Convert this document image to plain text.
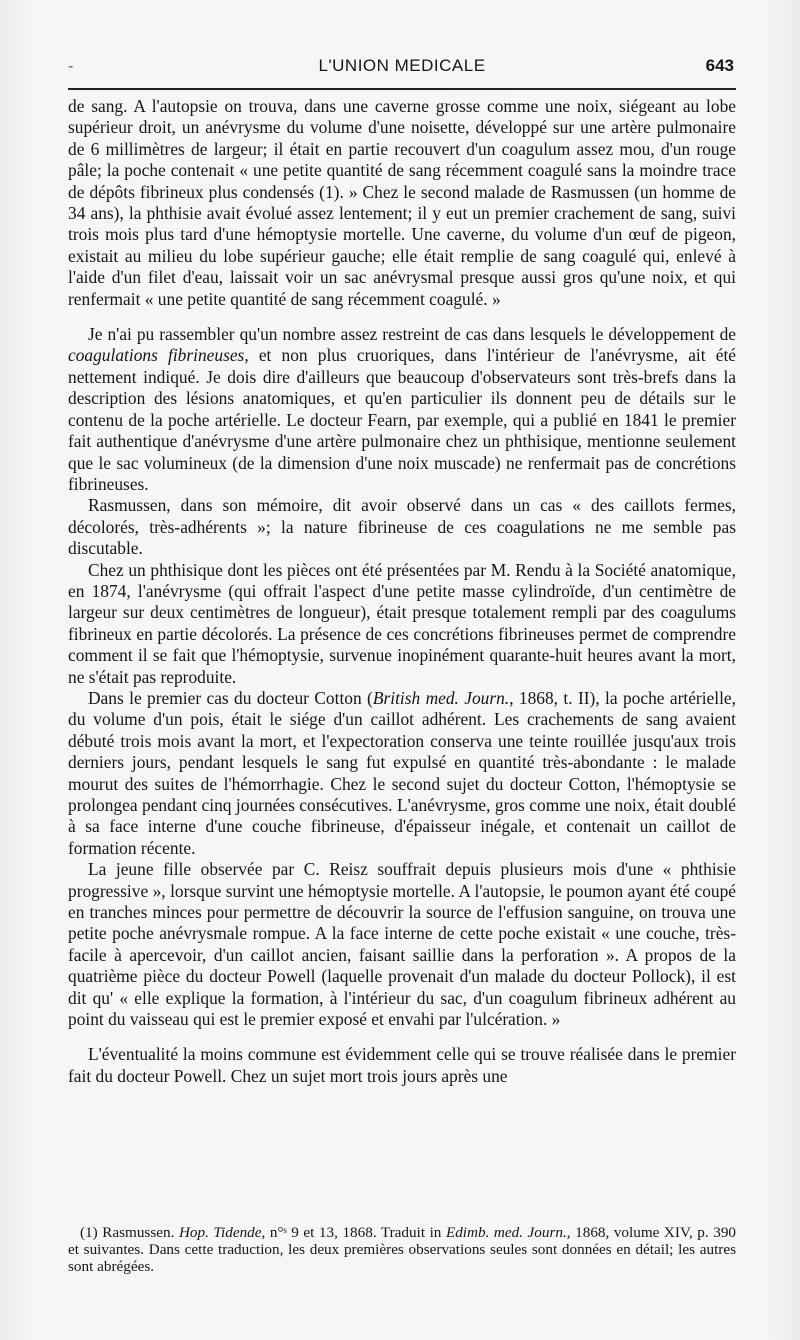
-	L'UNION MEDICALE	643

de sang. A l'autopsie on trouva, dans une caverne grosse comme une noix, siégeant au lobe supérieur droit, un anévrysme du volume d'une noisette, développé sur une artère pulmonaire de 6 millimètres de largeur; il était en partie recouvert d'un coagulum assez mou, d'un rouge pâle; la poche contenait « une petite quantité de sang récemment coagulé sans la moindre trace de dépôts fibrineux plus condensés (1). » Chez le second malade de Rasmussen (un homme de 34 ans), la phthisie avait évolué assez lentement; il y eut un premier crachement de sang, suivi trois mois plus tard d'une hémoptysie mortelle. Une caverne, du volume d'un œuf de pigeon, existait au milieu du lobe supérieur gauche; elle était remplie de sang coagulé qui, enlevé à l'aide d'un filet d'eau, laissait voir un sac anévrysmal presque aussi gros qu'une noix, et qui renfermait « une petite quantité de sang récemment coagulé. »

Je n'ai pu rassembler qu'un nombre assez restreint de cas dans lesquels le développement de coagulations fibrineuses, et non plus cruoriques, dans l'intérieur de l'anévrysme, ait été nettement indiqué. Je dois dire d'ailleurs que beaucoup d'observateurs sont très-brefs dans la description des lésions anatomiques, et qu'en particulier ils donnent peu de détails sur le contenu de la poche artérielle. Le docteur Fearn, par exemple, qui a publié en 1841 le premier fait authentique d'anévrysme d'une artère pulmonaire chez un phthisique, mentionne seulement que le sac volumineux (de la dimension d'une noix muscade) ne renfermait pas de concrétions fibrineuses.

Rasmussen, dans son mémoire, dit avoir observé dans un cas « des caillots fermes, décolorés, très-adhérents »; la nature fibrineuse de ces coagulations ne me semble pas discutable.

Chez un phthisique dont les pièces ont été présentées par M. Rendu à la Société anatomique, en 1874, l'anévrysme (qui offrait l'aspect d'une petite masse cylindroïde, d'un centimètre de largeur sur deux centimètres de longueur), était presque totalement rempli par des coagulums fibrineux en partie décolorés. La présence de ces concrétions fibrineuses permet de comprendre comment il se fait que l'hémoptysie, survenue inopinément quarante-huit heures avant la mort, ne s'était pas reproduite.

Dans le premier cas du docteur Cotton (British med. Journ., 1868, t. II), la poche artérielle, du volume d'un pois, était le siége d'un caillot adhérent. Les crachements de sang avaient débuté trois mois avant la mort, et l'expectoration conserva une teinte rouillée jusqu'aux trois derniers jours, pendant lesquels le sang fut expulsé en quantité très-abondante : le malade mourut des suites de l'hémorrhagie. Chez le second sujet du docteur Cotton, l'hémoptysie se prolongea pendant cinq journées consécutives. L'anévrysme, gros comme une noix, était doublé à sa face interne d'une couche fibrineuse, d'épaisseur inégale, et contenait un caillot de formation récente.

La jeune fille observée par C. Reisz souffrait depuis plusieurs mois d'une « phthisie progressive », lorsque survint une hémoptysie mortelle. A l'autopsie, le poumon ayant été coupé en tranches minces pour permettre de découvrir la source de l'effusion sanguine, on trouva une petite poche anévrysmale rompue. A la face interne de cette poche existait « une couche, très-facile à apercevoir, d'un caillot ancien, faisant saillie dans la perforation ». A propos de la quatrième pièce du docteur Powell (laquelle provenait d'un malade du docteur Pollock), il est dit qu' « elle explique la formation, à l'intérieur du sac, d'un coagulum fibrineux adhérent au point du vaisseau qui est le premier exposé et envahi par l'ulcération. »

L'éventualité la moins commune est évidemment celle qui se trouve réalisée dans le premier fait du docteur Powell. Chez un sujet mort trois jours après une

(1) Rasmussen. Hop. Tidende, n°ˢ 9 et 13, 1868. Traduit in Edimb. med. Journ., 1868, volume XIV, p. 390 et suivantes. Dans cette traduction, les deux premières observations seules sont données en détail; les autres sont abrégées.
